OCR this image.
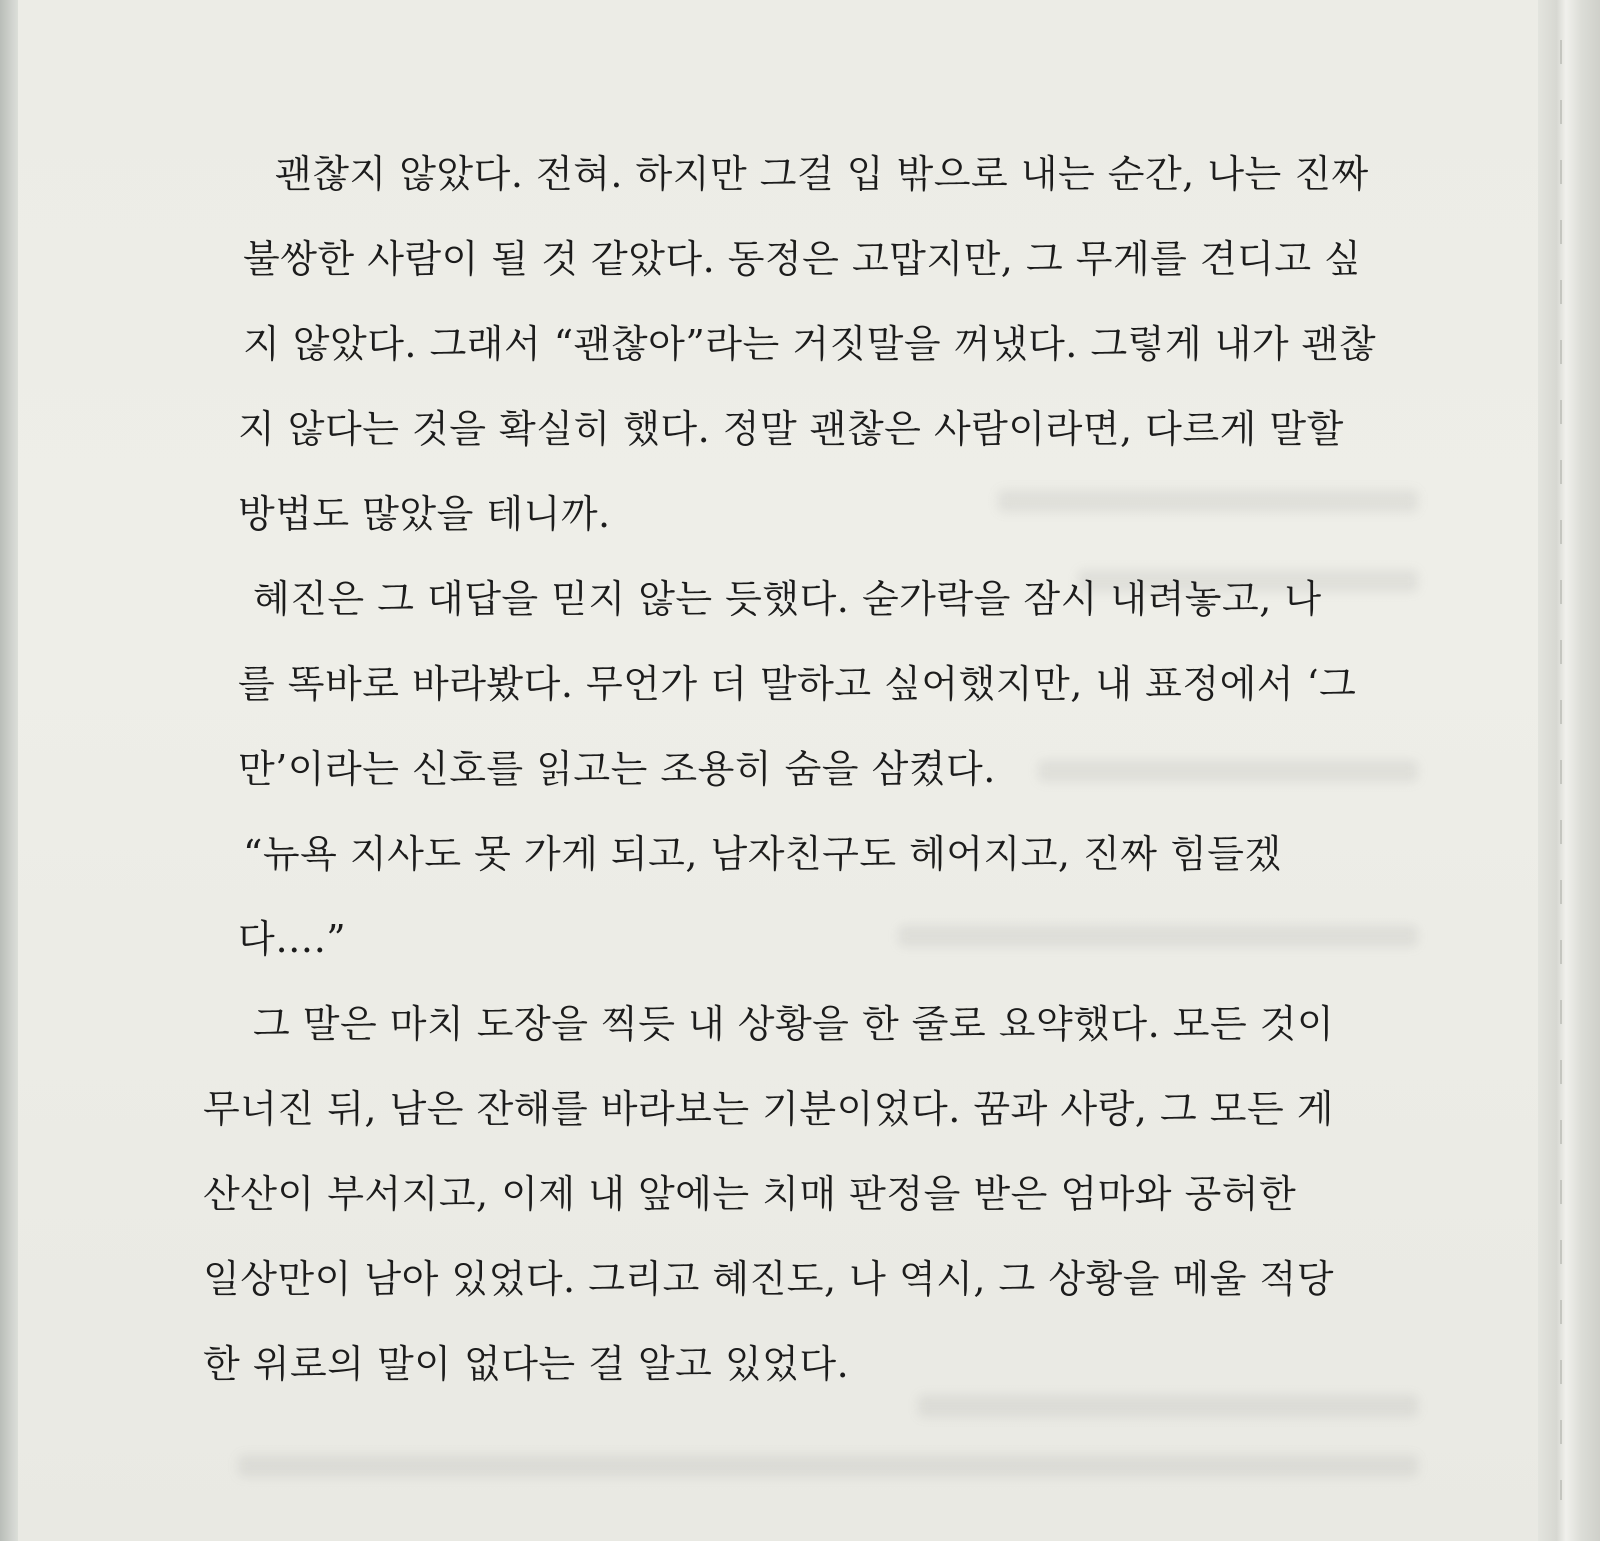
괜찮지 않았다. 전혀. 하지만 그걸 입 밖으로 내는 순간, 나는 진짜
불쌍한 사람이 될 것 같았다. 동정은 고맙지만, 그 무게를 견디고 싶
지 않았다. 그래서 “괜찮아”라는 거짓말을 꺼냈다. 그렇게 내가 괜찮
지 않다는 것을 확실히 했다. 정말 괜찮은 사람이라면, 다르게 말할
방법도 많았을 테니까.
혜진은 그 대답을 믿지 않는 듯했다. 숟가락을 잠시 내려놓고, 나
를 똑바로 바라봤다. 무언가 더 말하고 싶어했지만, 내 표정에서 ‘그
만’이라는 신호를 읽고는 조용히 숨을 삼켰다.
“뉴욕 지사도 못 가게 되고, 남자친구도 헤어지고, 진짜 힘들겠
다….”
그 말은 마치 도장을 찍듯 내 상황을 한 줄로 요약했다. 모든 것이
무너진 뒤, 남은 잔해를 바라보는 기분이었다. 꿈과 사랑, 그 모든 게
산산이 부서지고, 이제 내 앞에는 치매 판정을 받은 엄마와 공허한
일상만이 남아 있었다. 그리고 혜진도, 나 역시, 그 상황을 메울 적당
한 위로의 말이 없다는 걸 알고 있었다.
